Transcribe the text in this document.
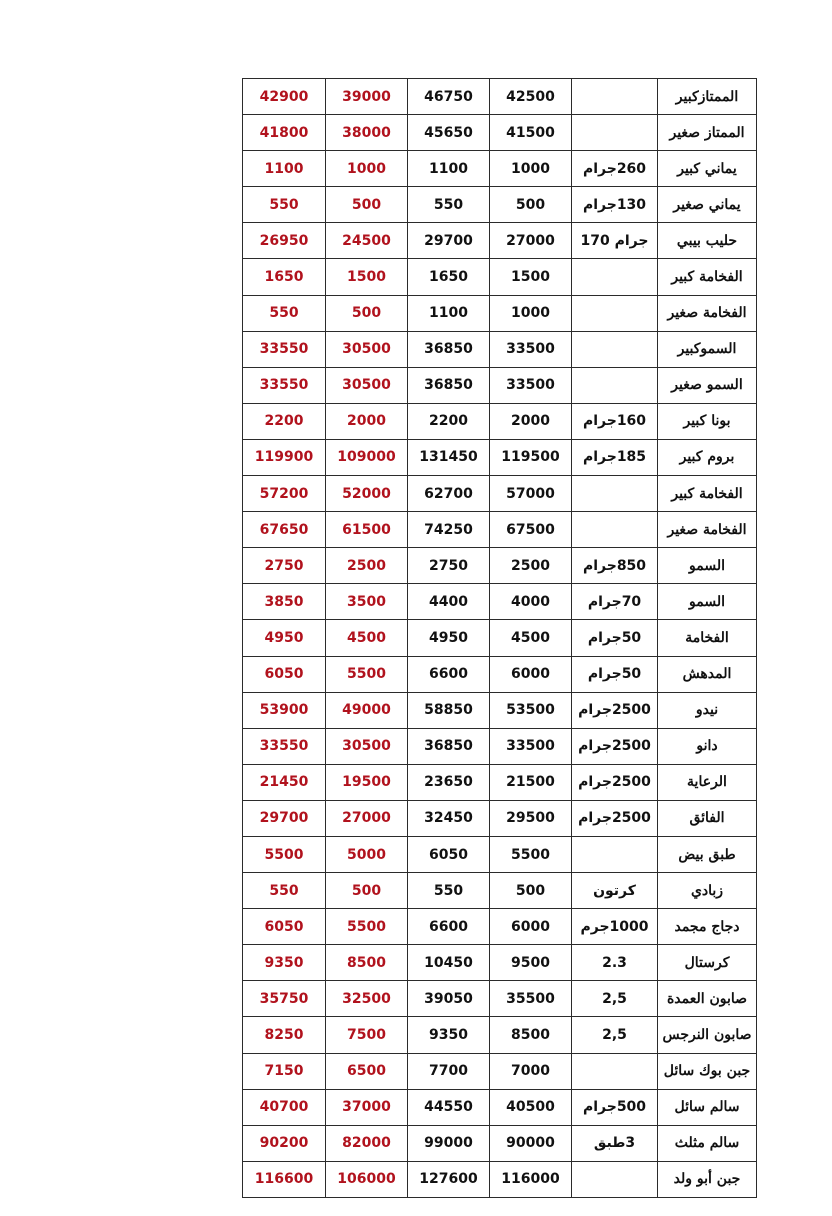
42900	39000	46750	42500		الممتازكبير
41800	38000	45650	41500		الممتاز صغير
1100	1000	1100	1000	260جرام	يماني كبير
550	500	550	500	130جرام	يماني صغير
26950	24500	29700	27000	جرام 170	حليب بيبي
1650	1500	1650	1500		الفخامة كبير
550	500	1100	1000		الفخامة صغير
33550	30500	36850	33500		السموكبير
33550	30500	36850	33500		السمو صغير
2200	2000	2200	2000	160جرام	بونا كبير
119900	109000	131450	119500	185جرام	بروم كبير
57200	52000	62700	57000		الفخامة كبير
67650	61500	74250	67500		الفخامة صغير
2750	2500	2750	2500	850جرام	السمو
3850	3500	4400	4000	70جرام	السمو
4950	4500	4950	4500	50جرام	الفخامة
6050	5500	6600	6000	50جرام	المدهش
53900	49000	58850	53500	2500جرام	نيدو
33550	30500	36850	33500	2500جرام	دانو
21450	19500	23650	21500	2500جرام	الرعاية
29700	27000	32450	29500	2500جرام	الفائق
5500	5000	6050	5500		طبق بيض
550	500	550	500	كرتون	زبادي
6050	5500	6600	6000	1000جرم	دجاج مجمد
9350	8500	10450	9500	2.3	كرستال
35750	32500	39050	35500	2,5	صابون العمدة
8250	7500	9350	8500	2,5	صابون النرجس
7150	6500	7700	7000		جبن بوك سائل
40700	37000	44550	40500	500جرام	سالم سائل
90200	82000	99000	90000	3طبق	سالم مثلث
116600	106000	127600	116000		جبن أبو ولد
